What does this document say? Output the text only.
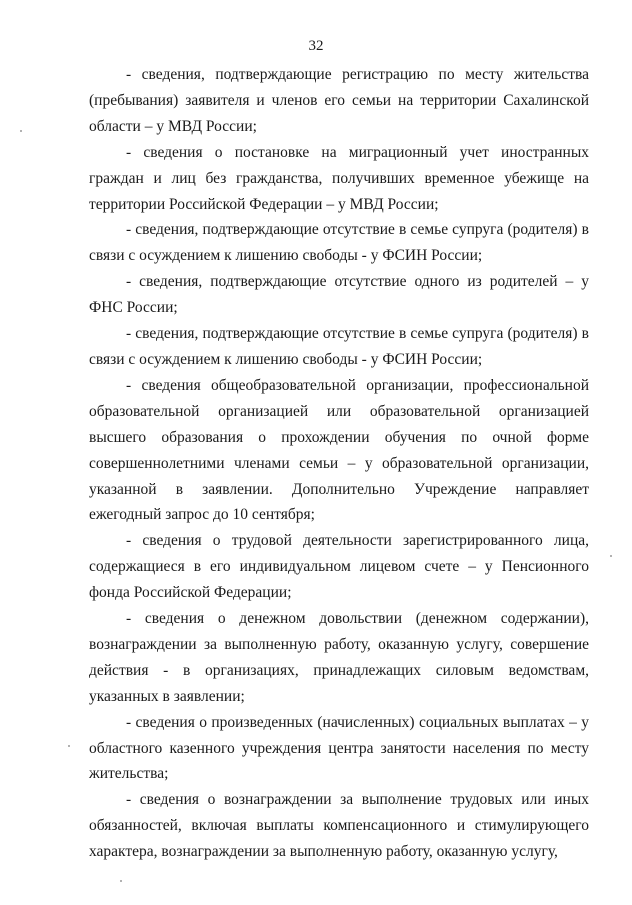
32

- сведения, подтверждающие регистрацию по месту жительства (пребывания) заявителя и членов его семьи на территории Сахалинской области – у МВД России;

- сведения о постановке на миграционный учет иностранных граждан и лиц без гражданства, получивших временное убежище на территории Российской Федерации – у МВД России;

- сведения, подтверждающие отсутствие в семье супруга (родителя) в связи с осуждением к лишению свободы - у ФСИН России;

- сведения, подтверждающие отсутствие одного из родителей – у ФНС России;

- сведения, подтверждающие отсутствие в семье супруга (родителя) в связи с осуждением к лишению свободы - у ФСИН России;

- сведения общеобразовательной организации, профессиональной образовательной организацией или образовательной организацией высшего образования о прохождении обучения по очной форме совершеннолетними членами семьи – у образовательной организации, указанной в заявлении. Дополнительно Учреждение направляет ежегодный запрос до 10 сентября;

- сведения о трудовой деятельности зарегистрированного лица, содержащиеся в его индивидуальном лицевом счете – у Пенсионного фонда Российской Федерации;

- сведения о денежном довольствии (денежном содержании), вознаграждении за выполненную работу, оказанную услугу, совершение действия - в организациях, принадлежащих силовым ведомствам, указанных в заявлении;

- сведения о произведенных (начисленных) социальных выплатах – у областного казенного учреждения центра занятости населения по месту жительства;

- сведения о вознаграждении за выполнение трудовых или иных обязанностей, включая выплаты компенсационного и стимулирующего характера, вознаграждении за выполненную работу, оказанную услугу,
